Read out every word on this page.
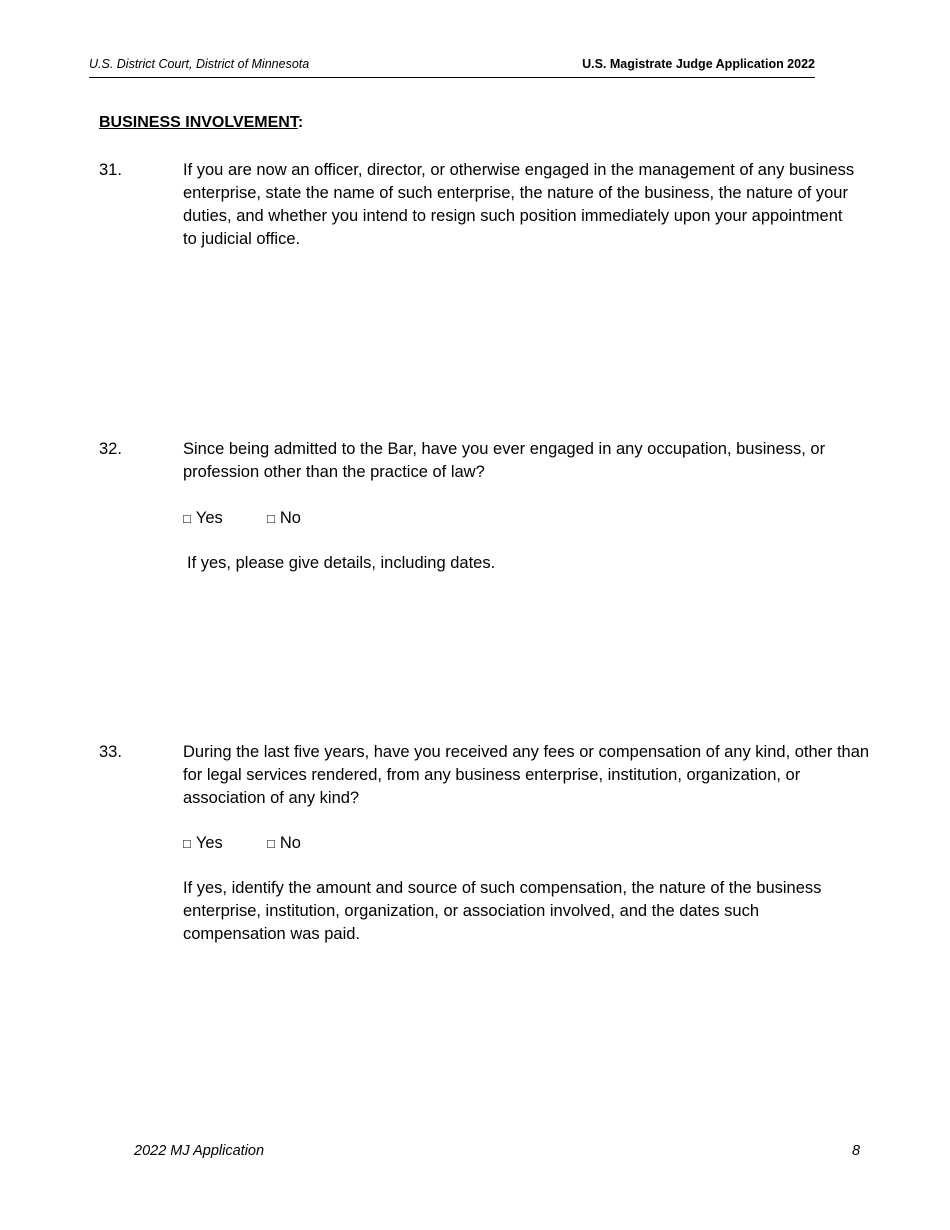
U.S. District Court, District of Minnesota	U.S. Magistrate Judge Application 2022
BUSINESS INVOLVEMENT:
31.	If you are now an officer, director, or otherwise engaged in the management of any business enterprise, state the name of such enterprise, the nature of the business, the nature of your duties, and whether you intend to resign such position immediately upon your appointment to judicial office.
32.	Since being admitted to the Bar, have you ever engaged in any occupation, business, or profession other than the practice of law?
□ Yes	□ No
If yes, please give details, including dates.
33.	During the last five years, have you received any fees or compensation of any kind, other than for legal services rendered, from any business enterprise, institution, organization, or association of any kind?
□ Yes	□ No
If yes, identify the amount and source of such compensation, the nature of the business enterprise, institution, organization, or association involved, and the dates such compensation was paid.
2022 MJ Application	8
